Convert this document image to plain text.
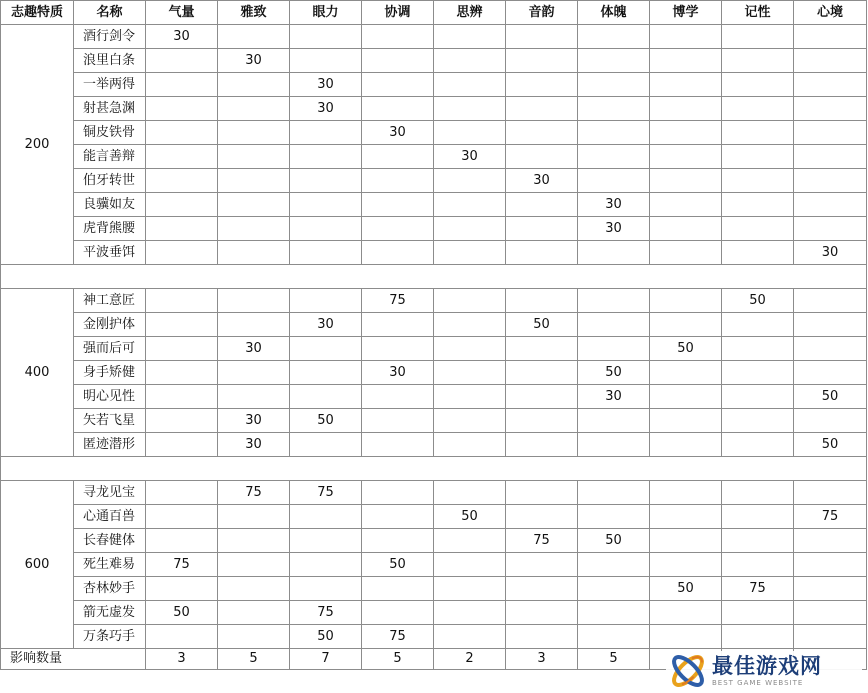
志趣特质	名称	气量	雅致	眼力	协调	思辨	音韵	体魄	博学	记性	心境
200	酒行剑令	30									
	浪里白条		30								
	一举两得			30							
	射甚急渊			30							
	铜皮铁骨				30						
	能言善辩					30					
	伯牙转世						30				
	良骥如友							30			
	虎背熊腰							30			
	平波垂饵										30

400	神工意匠				75					50	
	金刚护体			30			50				
	强而后可		30						50		
	身手矫健				30			50			
	明心见性							30			50
	矢若飞星		30	50							
	匿迹潜形		30								50

600	寻龙见宝		75	75							
	心通百兽					50					75
	长春健体						75	50			
	死生难易	75			50						
	杏林妙手								50	75	
	箭无虚发	50		75							
	万条巧手			50	75						
影响数量		3	5	7	5	2	3	5				最佳游戏网
BEST GAME WEBSITE
